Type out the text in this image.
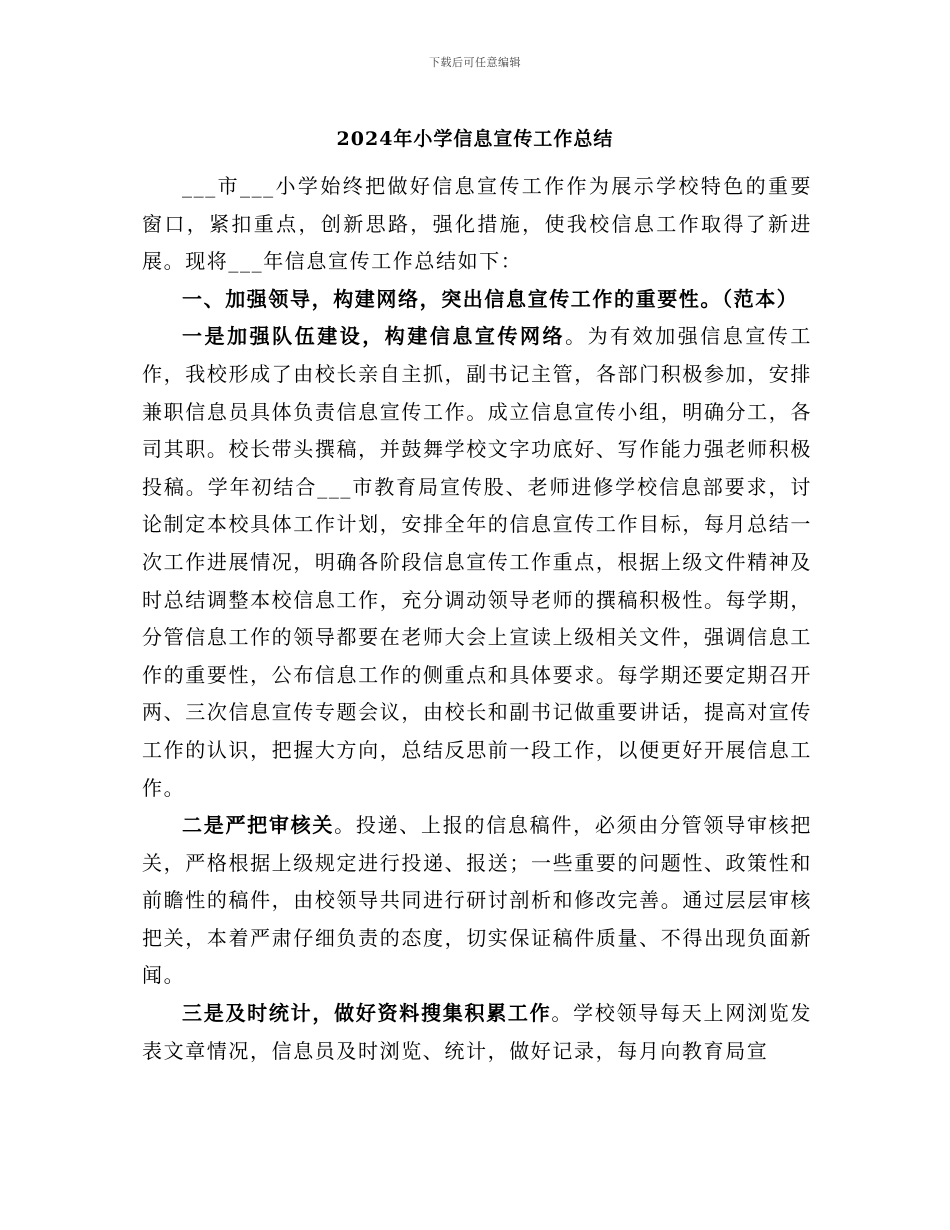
下载后可任意编辑
2024年小学信息宣传工作总结

___市___小学始终把做好信息宣传工作作为展示学校特色的重要窗口，紧扣重点，创新思路，强化措施，使我校信息工作取得了新进展。现将___年信息宣传工作总结如下：

一、加强领导，构建网络，突出信息宣传工作的重要性。（范本）

一是加强队伍建设，构建信息宣传网络。为有效加强信息宣传工作，我校形成了由校长亲自主抓，副书记主管，各部门积极参加，安排兼职信息员具体负责信息宣传工作。成立信息宣传小组，明确分工，各司其职。校长带头撰稿，并鼓舞学校文字功底好、写作能力强老师积极投稿。学年初结合___市教育局宣传股、老师进修学校信息部要求，讨论制定本校具体工作计划，安排全年的信息宣传工作目标，每月总结一次工作进展情况，明确各阶段信息宣传工作重点，根据上级文件精神及时总结调整本校信息工作，充分调动领导老师的撰稿积极性。每学期，分管信息工作的领导都要在老师大会上宣读上级相关文件，强调信息工作的重要性，公布信息工作的侧重点和具体要求。每学期还要定期召开两、三次信息宣传专题会议，由校长和副书记做重要讲话，提高对宣传工作的认识，把握大方向，总结反思前一段工作，以便更好开展信息工作。

二是严把审核关。投递、上报的信息稿件，必须由分管领导审核把关，严格根据上级规定进行投递、报送；一些重要的问题性、政策性和前瞻性的稿件，由校领导共同进行研讨剖析和修改完善。通过层层审核把关，本着严肃仔细负责的态度，切实保证稿件质量、不得出现负面新闻。

三是及时统计，做好资料搜集积累工作。学校领导每天上网浏览发表文章情况，信息员及时浏览、统计，做好记录，每月向教育局宣
